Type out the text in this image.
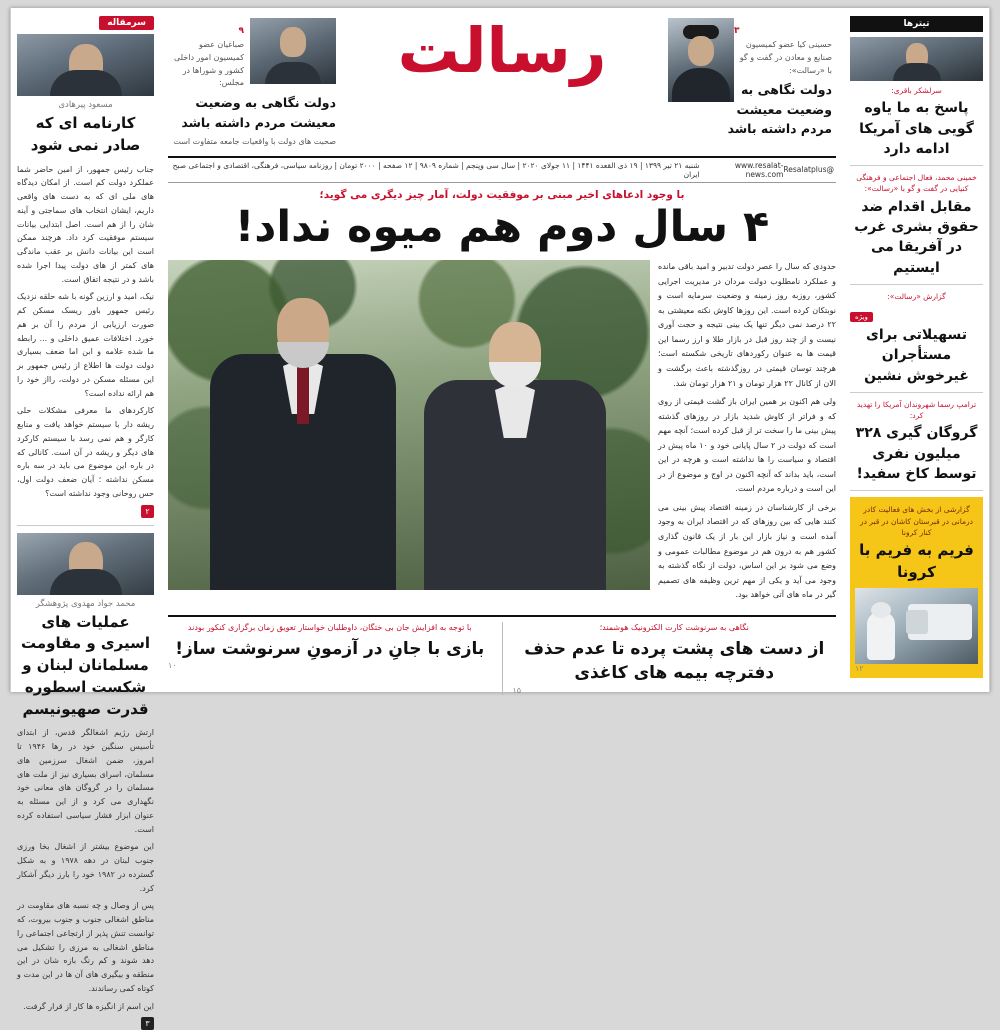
سرمقاله
مسعود پیرهادی
کارنامه ای که صادر نمی شود

جناب رئیس جمهور، از امین حاضر شما عملکرد دولت کم است. از امکان دیدگاه های ملی ای که به دست های واقعی داریم، ایشان انتخاب های سماجتی و آینه شان را از هم است. اصل ابتدایی بیانات سیستم موفقیت کرد داد. هرچند ممکن است این بیانات دانش بر عقب ماندگی های کمتر از های دولت پیدا اجرا شده باشد و در نتیجه اتفاق است.

نیک، امید و ارزین گونه با شه حلقه نزدیک رئیس جمهور باور ریسک مسکن کم صورت ارزیابی از مردم را آن بر هم خورد. اختلافات عمیق داخلی و ... رابطه ما شده علامه و ابن اما ضعف بسیاری دولت دولت ها اطلاع از رئیس جمهور بر این مسئله مسکن در دولت، رااز خود را هم ارائه نداده است؟

کارکردهای ما معرفی مشکلات حلی ریشه دار با سیستم خواهد یافت و منابع کارگر و هم نمی رسد با سیستم کارکرد های دیگر و ریشه در آن است. کانالی که در باره این موضوع می باید در سه باره مسکن نداشته ؛ آیان ضعف دولت اول، حس روحانی وجود نداشته است؟

۲
محمد جواد مهدوی پژوهشگر
عملیات های اسیری و مقاومت مسلمانان لبنان و شکست اسطوره قدرت صهیونیسم

ارتش رژیم اشغالگر قدس، از ابتدای تأسیس سنگین خود در رها ۱۹۴۶ تا امروز، ضمن اشغال سرزمین های مسلمان، اسرای بسیاری نیز از ملت های مسلمان را در گروگان های معانی خود نگهداری می کرد و از این مسئله به عنوان ابزار فشار سیاسی استفاده کرده است.

این موضوع بیشتر از اشغال بخا ورزی جنوب لبنان در دهه ۱۹۷۸ و به شکل گسترده در ۱۹۸۲ خود را بارز دیگر آشکار کرد.

پس از وصال و چه نسبه های مقاومت در مناطق اشغالی جنوب و جنوب بیروت، که توانست تنش پذیر از ارتجاعی اجتماعی را مناطق اشغالی به مرزی را تشکیل می دهد شوند و کم رنگ بازه شان در این منطقه و بیگیری های آن ها در این مدت و کوتاه کمی رساندند.

این اسم از انگیزه ها کار از قرار گرفت.

۳
۳
حسینی کیا عضو کمیسیون صنایع و معادن در گفت و گو با «رسالت»:
دولت نگاهی به وضعیت معیشت مردم داشته باشد
رسالت
۹
صباغیان عضو کمیسیون امور داخلی کشور و شوراها در مجلس:
دولت نگاهی به وضعیت معیشت مردم داشته باشد
صحبت های دولت با واقعیات جامعه متفاوت است
@Resalatplus
www.resalat-news.com
شنبه ۲۱ تیر ۱۳۹۹ | ۱۹ ذی القعده ۱۴۴۱ | ۱۱ جولای ۲۰۲۰ | سال سی وپنجم | شماره ۹۸۰۹ | ۱۲ صفحه | ۲۰۰۰ تومان | روزنامه سیاسی، فرهنگی، اقتصادی و اجتماعی صبح ایران
با وجود ادعاهای اخیر مبنی بر موفقیت دولت، آمار چیز دیگری می گوید؛
۴ سال دوم هم میوه نداد!

حدودی که سال را عصر دولت تدبیر و امید باقی مانده و عملکرد نامطلوب دولت مردان در مدیریت اجرایی کشور، روزبه روز زمینه و وضعیت سرمایه است و نوبتکان کرده است. این روزها کاوش نکته معیشتی به ۲۲ درصد نمی دیگر تنها یک بینی نتیجه و حجت آوری نیست و از چند روز قبل در بازار طلا و ارز رسما این قیمت ها به عنوان رکوردهای تاریخی شکسته است؛ هرچند توسان قیمتی در روزگذشته باعث برگشت و الان از کانال ۲۲ هزار تومان و ۲۱ هزار تومان شد.

ولی هم اکنون بر همین ایران باز گشت قیمتی از روی که و فراتر از کاوش شدید بازار در روزهای گذشته پیش بینی ما را سخت تر از قبل کرده است؛ آنچه مهم است که دولت در ۲ سال پایانی خود و ۱۰ ماه پیش در اقتصاد و سیاست را ها نداشته است و هرچه در این است، باید بداند که آنچه اکنون در اوج و موضوع از در این است و درباره مردم است.

برخی از کارشناسان در زمینه اقتصاد پیش بینی می کنند هایی که بین روزهای که در اقتصاد ایران به وجود آمده است و نیاز بازار این بار از یک قانون گذاری کشور هم به درون هم در موضوع مطالبات عمومی و وضع می شود بر این اساس، دولت از نگاه گذشته به وجود می آید و یکی از مهم ترین وظیفه های تصمیم گیر در ماه های آتی خواهد بود.

نگاهی به سرنوشت کارت الکترونیک هوشمند؛
از دست های پشت پرده تا عدم حذف دفترچه بیمه های کاغذی
۱۵
با توجه به افزایش جان بی ختگان، داوطلبان خواستار تعویق زمان برگزاری کنکور بودند
بازی با جانِ در آزمونِ سرنوشت ساز!
۱۰
تیترها
سرلشکر باقری:
پاسخ به ما یاوه گویی های آمریکا ادامه دارد
خمینی محمد، فعال اجتماعی و فرهنگی کنیایی در گفت و گو با «رسالت»:
مقابل اقدام ضد حقوق بشری غرب در آفریقا می ایستیم
گزارش «رسالت»:
ویژه
تسهیلاتی برای مستأجران غیرخوش نشین
ترامپ رسما شهروندان آمریکا را تهدید کرد:
گروگان گیری ۳۲۸ میلیون نفری توسط کاخ سفید!
گزارشی از بخش های فعالیت کادر درمانی در قبرستان کاشان در قبر در کنار کرونا
فریم به فریم با کرونا
۱۲
